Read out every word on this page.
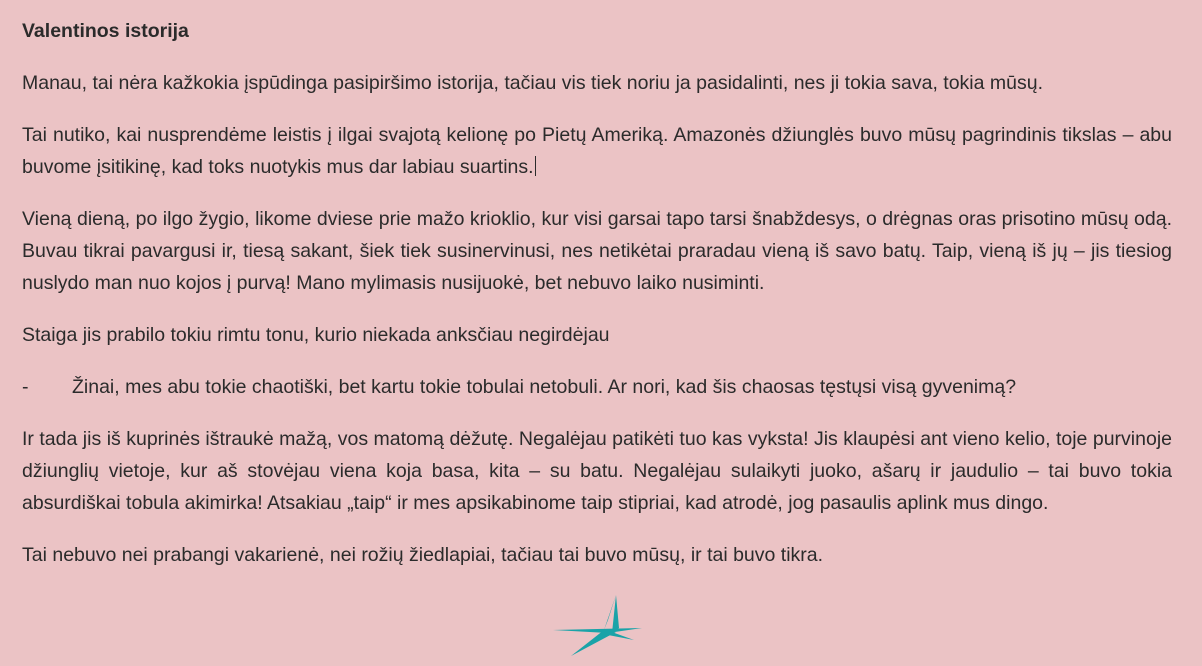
Valentinos istorija

Manau, tai nėra kažkokia įspūdinga pasipiršimo istorija, tačiau vis tiek noriu ja pasidalinti, nes ji tokia sava, tokia mūsų.

Tai nutiko, kai nusprendėme leistis į ilgai svajotą kelionę po Pietų Ameriką. Amazonės džiunglės buvo mūsų pagrindinis tikslas – abu buvome įsitikinę, kad toks nuotykis mus dar labiau suartins.

Vieną dieną, po ilgo žygio, likome dviese prie mažo krioklio, kur visi garsai tapo tarsi šnabždesys, o drėgnas oras prisotino mūsų odą. Buvau tikrai pavargusi ir, tiesą sakant, šiek tiek susinervinusi, nes netikėtai praradau vieną iš savo batų. Taip, vieną iš jų – jis tiesiog nuslydo man nuo kojos į purvą! Mano mylimasis nusijuokė, bet nebuvo laiko nusiminti.

Staiga jis prabilo tokiu rimtu tonu, kurio niekada anksčiau negirdėjau

-	Žinai, mes abu tokie chaotiški, bet kartu tokie tobulai netobuli. Ar nori, kad šis chaosas tęstųsi visą gyvenimą?

Ir tada jis iš kuprinės ištraukė mažą, vos matomą dėžutę. Negalėjau patikėti tuo kas vyksta! Jis klaupėsi ant vieno kelio, toje purvinoje džiunglių vietoje, kur aš stovėjau viena koja basa, kita – su batu. Negalėjau sulaikyti juoko, ašarų ir jaudulio – tai buvo tokia absurdiškai tobula akimirka! Atsakiau „taip“ ir mes apsikabinome taip stipriai, kad atrodė, jog pasaulis aplink mus dingo.

Tai nebuvo nei prabangi vakarienė, nei rožių žiedlapiai, tačiau tai buvo mūsų, ir tai buvo tikra.
